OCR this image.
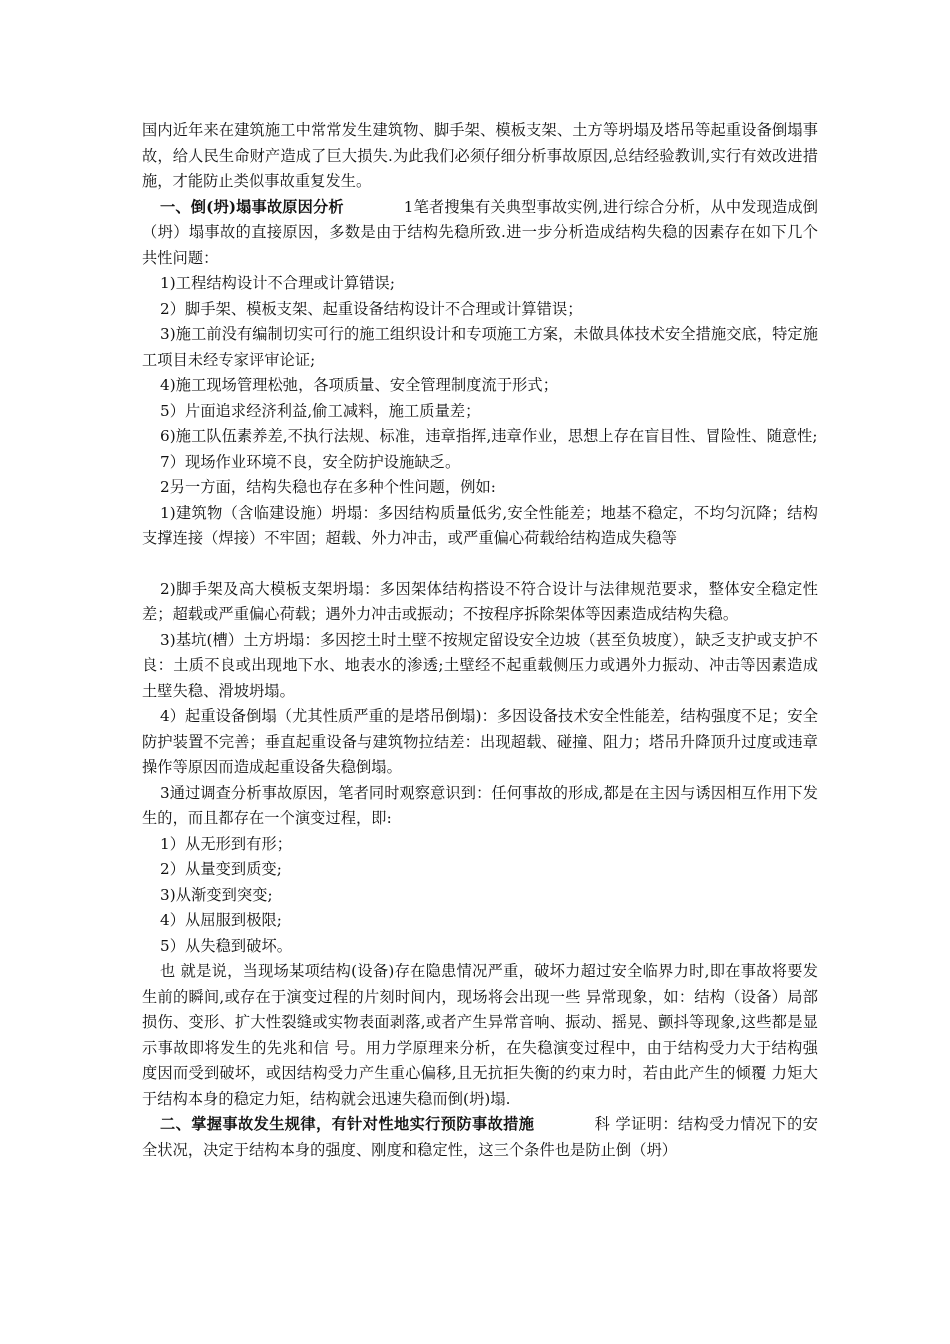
国内近年来在建筑施工中常常发生建筑物、脚手架、模板支架、土方等坍塌及塔吊等起重设备倒塌事故，给人民生命财产造成了巨大损失.为此我们必须仔细分析事故原因,总结经验教训,实行有效改进措施，才能防止类似事故重复发生。

一、倒(坍)塌事故原因分析	1笔者搜集有关典型事故实例,进行综合分析，从中发现造成倒（坍）塌事故的直接原因，多数是由于结构先稳所致.进一步分析造成结构失稳的因素存在如下几个共性问题：

1)工程结构设计不合理或计算错误;

2）脚手架、模板支架、起重设备结构设计不合理或计算错误；

3)施工前没有编制切实可行的施工组织设计和专项施工方案，未做具体技术安全措施交底，特定施工项目未经专家评审论证;

4)施工现场管理松弛，各项质量、安全管理制度流于形式；

5）片面追求经济利益,偷工减料，施工质量差；

6)施工队伍素养差,不执行法规、标准，违章指挥,违章作业，思想上存在盲目性、冒险性、随意性;

7）现场作业环境不良，安全防护设施缺乏。

2另一方面，结构失稳也存在多种个性问题，例如:

1)建筑物（含临建设施）坍塌：多因结构质量低劣,安全性能差；地基不稳定，不均匀沉降；结构支撑连接（焊接）不牢固；超载、外力冲击，或严重偏心荷载给结构造成失稳等

2)脚手架及高大模板支架坍塌：多因架体结构搭设不符合设计与法律规范要求，整体安全稳定性差；超载或严重偏心荷载；遇外力冲击或振动；不按程序拆除架体等因素造成结构失稳。

3)基坑(槽）土方坍塌：多因挖土时土壁不按规定留设安全边坡（甚至负坡度），缺乏支护或支护不良：土质不良或出现地下水、地表水的渗透;土壁经不起重载侧压力或遇外力振动、冲击等因素造成土壁失稳、滑坡坍塌。

4）起重设备倒塌（尤其性质严重的是塔吊倒塌)：多因设备技术安全性能差，结构强度不足；安全防护装置不完善；垂直起重设备与建筑物拉结差：出现超载、碰撞、阻力；塔吊升降顶升过度或违章操作等原因而造成起重设备失稳倒塌。

3通过调查分析事故原因，笔者同时观察意识到：任何事故的形成,都是在主因与诱因相互作用下发生的，而且都存在一个演变过程，即:

1）从无形到有形；

2）从量变到质变;

3)从渐变到突变;

4）从屈服到极限;

5）从失稳到破坏。

也 就是说，当现场某项结构(设备)存在隐患情况严重，破坏力超过安全临界力时,即在事故将要发生前的瞬间,或存在于演变过程的片刻时间内，现场将会出现一些 异常现象，如：结构（设备）局部损伤、变形、扩大性裂缝或实物表面剥落,或者产生异常音响、振动、摇晃、颤抖等现象,这些都是显示事故即将发生的先兆和信 号。用力学原理来分析，在失稳演变过程中，由于结构受力大于结构强度因而受到破坏，或因结构受力产生重心偏移,且无抗拒失衡的约束力时，若由此产生的倾覆 力矩大于结构本身的稳定力矩，结构就会迅速失稳而倒(坍)塌.

二、掌握事故发生规律，有针对性地实行预防事故措施	科 学证明：结构受力情况下的安全状况，决定于结构本身的强度、刚度和稳定性，这三个条件也是防止倒（坍）
